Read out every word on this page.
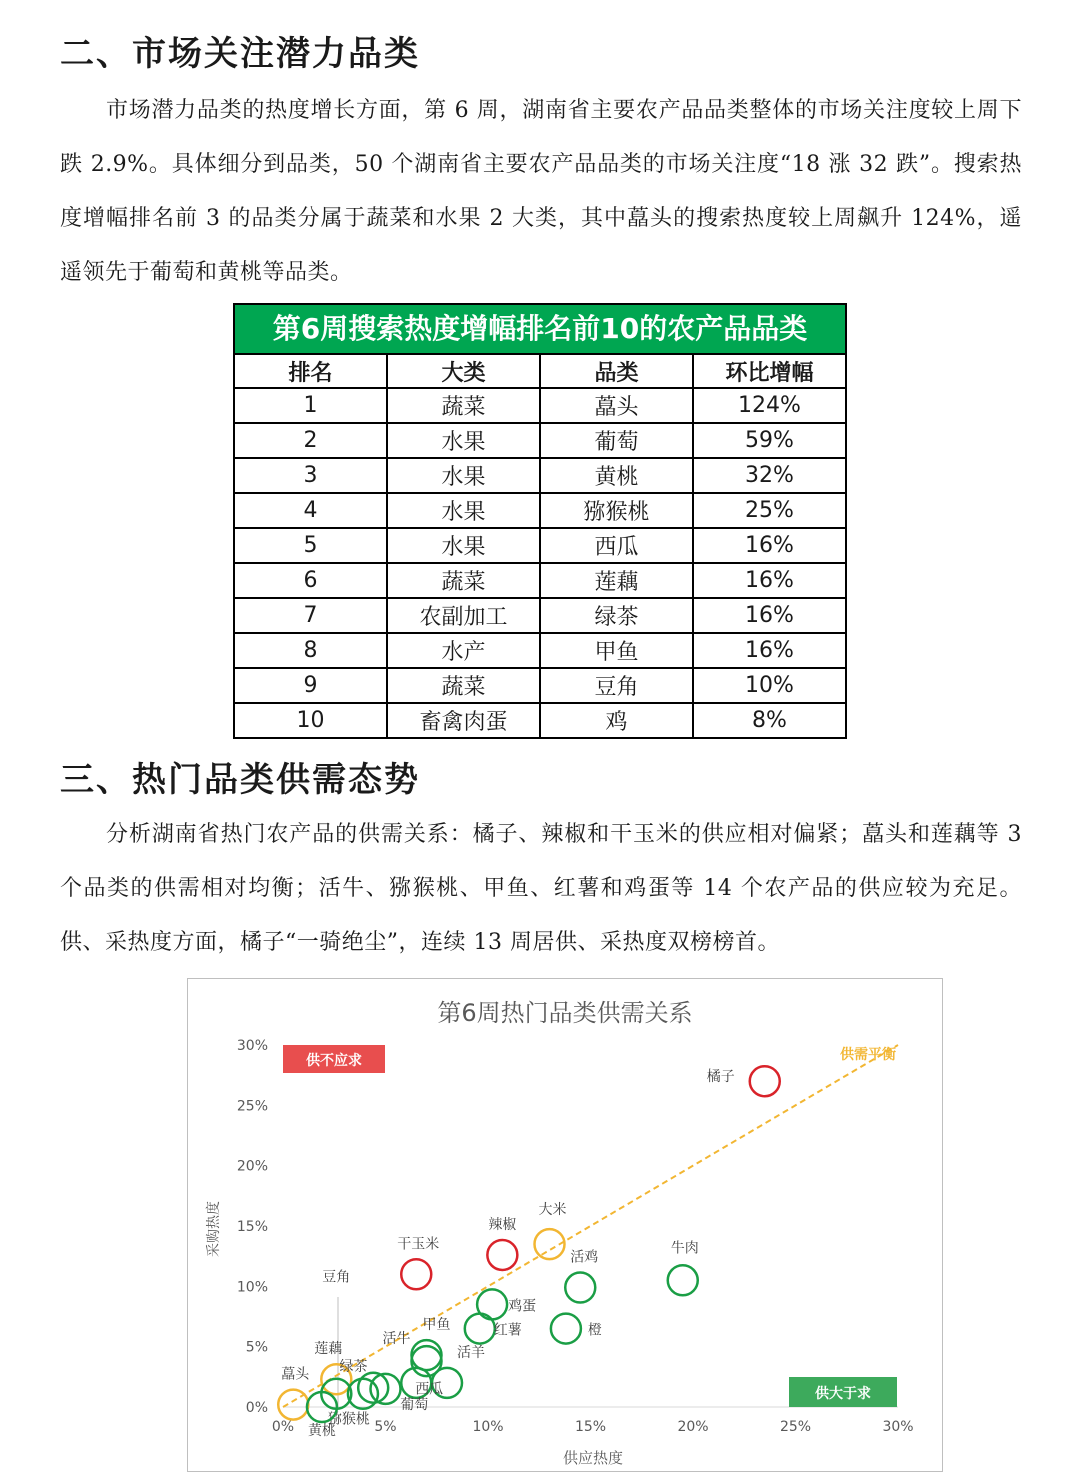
二、市场关注潜力品类

市场潜力品类的热度增长方面，第 6 周，湖南省主要农产品品类整体的市场关注度较上周下跌 2.9%。具体细分到品类，50 个湖南省主要农产品品类的市场关注度“18 涨 32 跌”。搜索热度增幅排名前 3 的品类分属于蔬菜和水果 2 大类，其中藠头的搜索热度较上周飙升 124%，遥遥领先于葡萄和黄桃等品类。

第6周搜索热度增幅排名前10的农产品品类
排名	大类	品类	环比增幅
1	蔬菜	藠头	124%
2	水果	葡萄	59%
3	水果	黄桃	32%
4	水果	猕猴桃	25%
5	水果	西瓜	16%
6	蔬菜	莲藕	16%
7	农副加工	绿茶	16%
8	水产	甲鱼	16%
9	蔬菜	豆角	10%
10	畜禽肉蛋	鸡	8%
三、热门品类供需态势

分析湖南省热门农产品的供需关系：橘子、辣椒和干玉米的供应相对偏紧；藠头和莲藕等 3 个品类的供需相对均衡；活牛、猕猴桃、甲鱼、红薯和鸡蛋等 14 个农产品的供应较为充足。供、采热度方面，橘子“一骑绝尘”，连续 13 周居供、采热度双榜榜首。

第6周热门品类供需关系
0%	5%	10%	15%	20%	25%	30%
0%
5%
10%
15%
20%
25%
30%
供应热度
采购热度
供需平衡
供不应求
供大于求
橘子
辣椒
干玉米
大米
莲藕
藠头
牛肉
活鸡
鸡蛋
橙
红薯
甲鱼
活牛
活羊
绿茶
豆角
葡萄
西瓜
猕猴桃
黄桃
